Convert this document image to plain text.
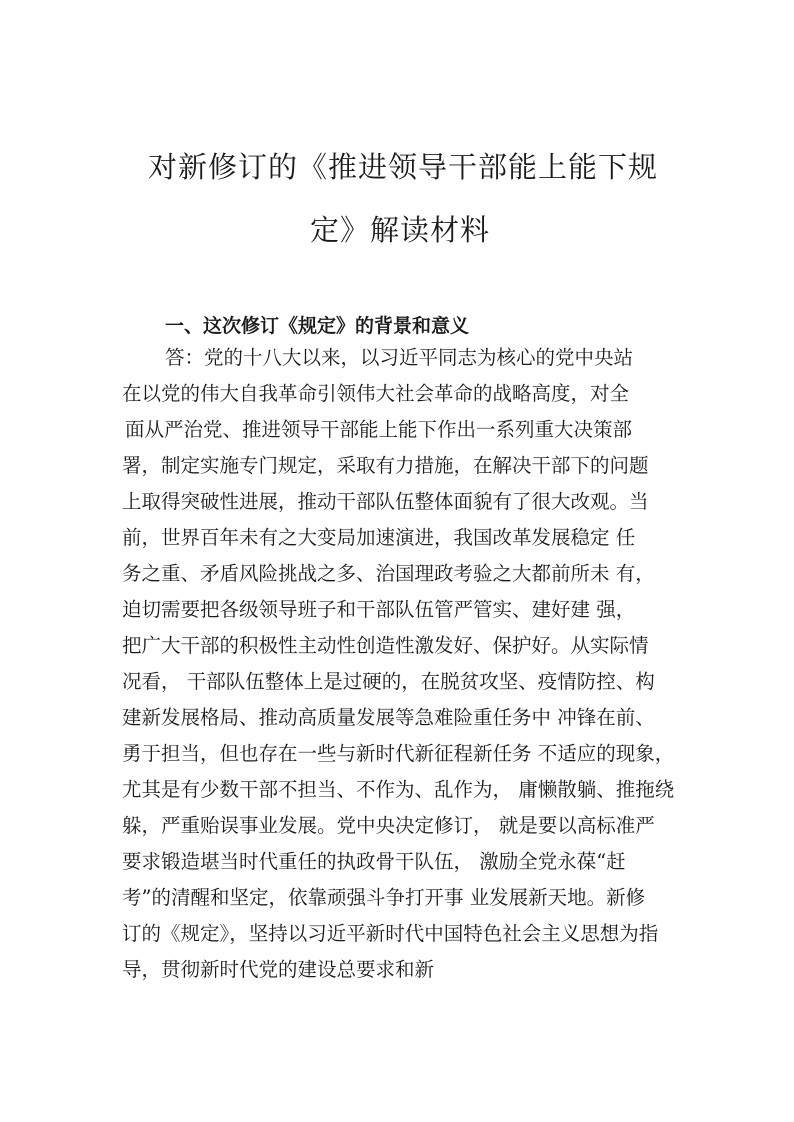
对新修订的《推进领导干部能上能下规
定》解读材料
一、这次修订《规定》的背景和意义
答：党的十八大以来，以习近平同志为核心的党中央站
在以党的伟大自我革命引领伟大社会革命的战略高度，对全
面从严治党、推进领导干部能上能下作出一系列重大决策部
署，制定实施专门规定，采取有力措施，在解决干部下的问题
上取得突破性进展，推动干部队伍整体面貌有了很大改观。当
前，世界百年未有之大变局加速演进，我国改革发展稳定 任
务之重、矛盾风险挑战之多、治国理政考验之大都前所未 有，
迫切需要把各级领导班子和干部队伍管严管实、建好建 强，
把广大干部的积极性主动性创造性激发好、保护好。从实际情
况看， 干部队伍整体上是过硬的，在脱贫攻坚、疫情防控、构
建新发展格局、推动高质量发展等急难险重任务中 冲锋在前、
勇于担当，但也存在一些与新时代新征程新任务 不适应的现象，
尤其是有少数干部不担当、不作为、乱作为， 庸懒散躺、推拖绕
躲，严重贻误事业发展。党中央决定修订， 就是要以高标准严
要求锻造堪当时代重任的执政骨干队伍， 激励全党永葆“赶
考”的清醒和坚定，依靠顽强斗争打开事 业发展新天地。新修
订的《规定》，坚持以习近平新时代中国特色社会主义思想为指
导，贯彻新时代党的建设总要求和新
